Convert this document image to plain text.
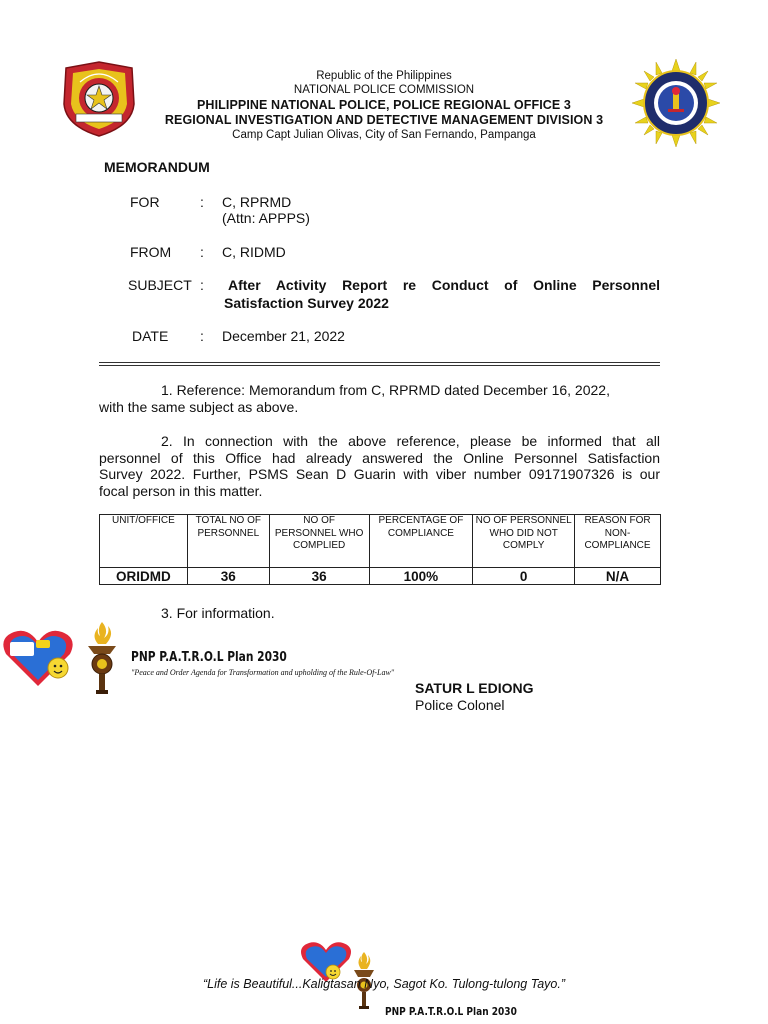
Republic of the Philippines
NATIONAL POLICE COMMISSION
PHILIPPINE NATIONAL POLICE, POLICE REGIONAL OFFICE 3
REGIONAL INVESTIGATION AND DETECTIVE MANAGEMENT DIVISION 3
Camp Capt Julian Olivas, City of San Fernando, Pampanga
MEMORANDUM
FOR	: C, RPRMD
(Attn: APPPS)
FROM : C, RIDMD
SUBJECT : After Activity Report re Conduct of Online Personnel
Satisfaction Survey 2022
DATE : December 21, 2022
1. Reference: Memorandum from C, RPRMD dated December 16, 2022,
with the same subject as above.
2. In connection with the above reference, please be informed that all
personnel of this Office had already answered the Online Personnel Satisfaction
Survey 2022. Further, PSMS Sean D Guarin with viber number 09171907326 is our
focal person in this matter.
UNIT/OFFICE	TOTAL NO OF PERSONNEL	NO OF PERSONNEL WHO COMPLIED	PERCENTAGE OF COMPLIANCE	NO OF PERSONNEL WHO DID NOT COMPLY	REASON FOR NON-COMPLIANCE
ORIDMD	36	36	100%	0	N/A
3. For information.
PNP P.A.T.R.O.L Plan 2030
"Peace and Order Agenda for Transformation and upholding of the Rule-Of-Law"
SATUR L EDIONG
Police Colonel
“Life is Beautiful...Kaligtasan Nyo, Sagot Ko. Tulong-tulong Tayo.”
PNP P.A.T.R.O.L Plan 2030
